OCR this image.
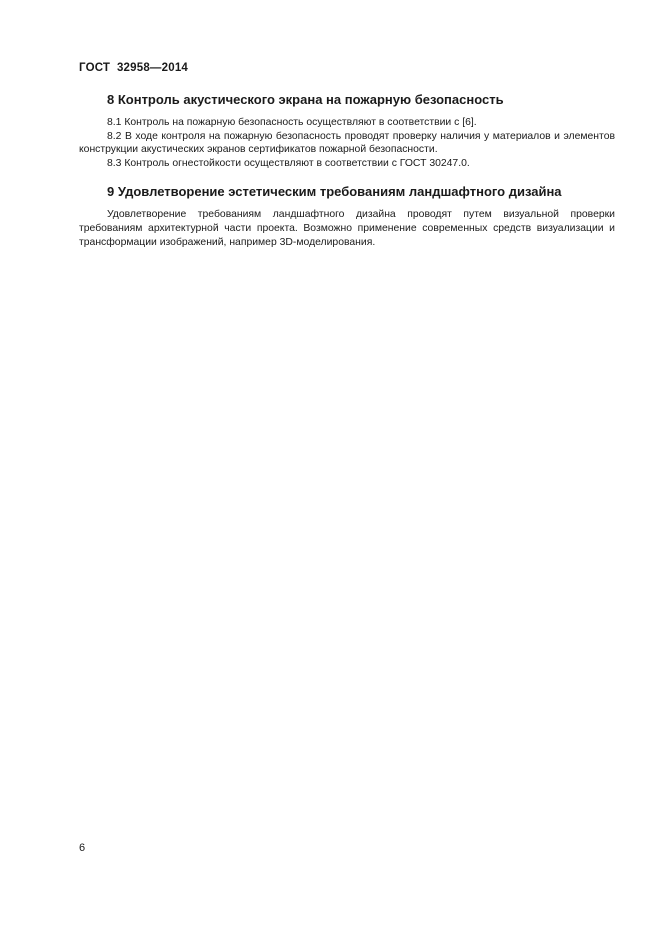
ГОСТ  32958—2014
8 Контроль акустического экрана на пожарную безопасность

8.1 Контроль на пожарную безопасность осуществляют в соответствии с [6].

8.2 В ходе контроля на пожарную безопасность проводят проверку наличия у материалов и элементов конструкции акустических экранов сертификатов пожарной безопасности.

8.3 Контроль огнестойкости осуществляют в соответствии с ГОСТ 30247.0.

9 Удовлетворение эстетическим требованиям ландшафтного дизайна

Удовлетворение требованиям ландшафтного дизайна проводят путем визуальной проверки требованиям архитектурной части проекта. Возможно применение современных средств визуализации и трансформации изображений, например 3D-моделирования.

6
